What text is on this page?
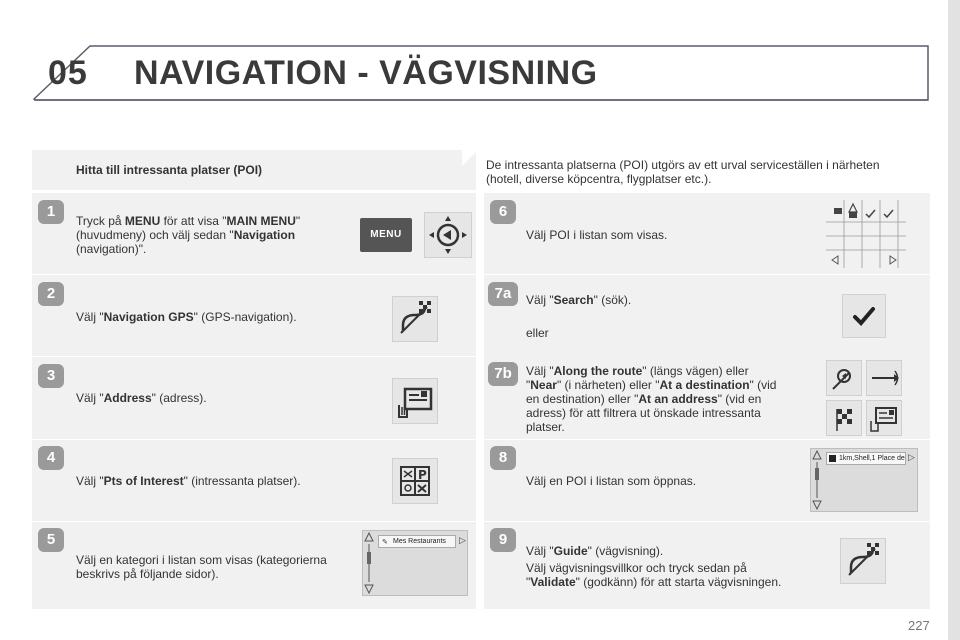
05 NAVIGATION - VÄGVISNING
Hitta till intressanta platser (POI)	De intressanta platserna (POI) utgörs av ett urval serviceställen i närheten
(hotell, diverse köpcentra, flygplatser etc.).
1
Tryck på MENU för att visa "MAIN MENU"
(huvudmeny) och välj sedan "Navigation
(navigation)".
MENU
2
Välj "Navigation GPS" (GPS-navigation).
3
Välj "Address" (adress).
4
Välj "Pts of Interest" (intressanta platser).	P
5
Välj en kategori i listan som visas (kategorierna
beskrivs på följande sidor).
Mes Restaurants
✎	▷
6
Välj POI i listan som visas.
7a	Välj "Search" (sök).
eller
7b	Välj "Along the route" (längs vägen) eller
"Near" (i närheten) eller "At a destination" (vid
en destination) eller "At an address" (vid en
adress) för att filtrera ut önskade intressanta
platser.
8
Välj en POI i listan som öppnas.
1km,Shell,1 Place de ▷
9
Välj "Guide" (vägvisning).
Välj vägvisningsvillkor och tryck sedan på
"Validate" (godkänn) för att starta vägvisningen.
227
